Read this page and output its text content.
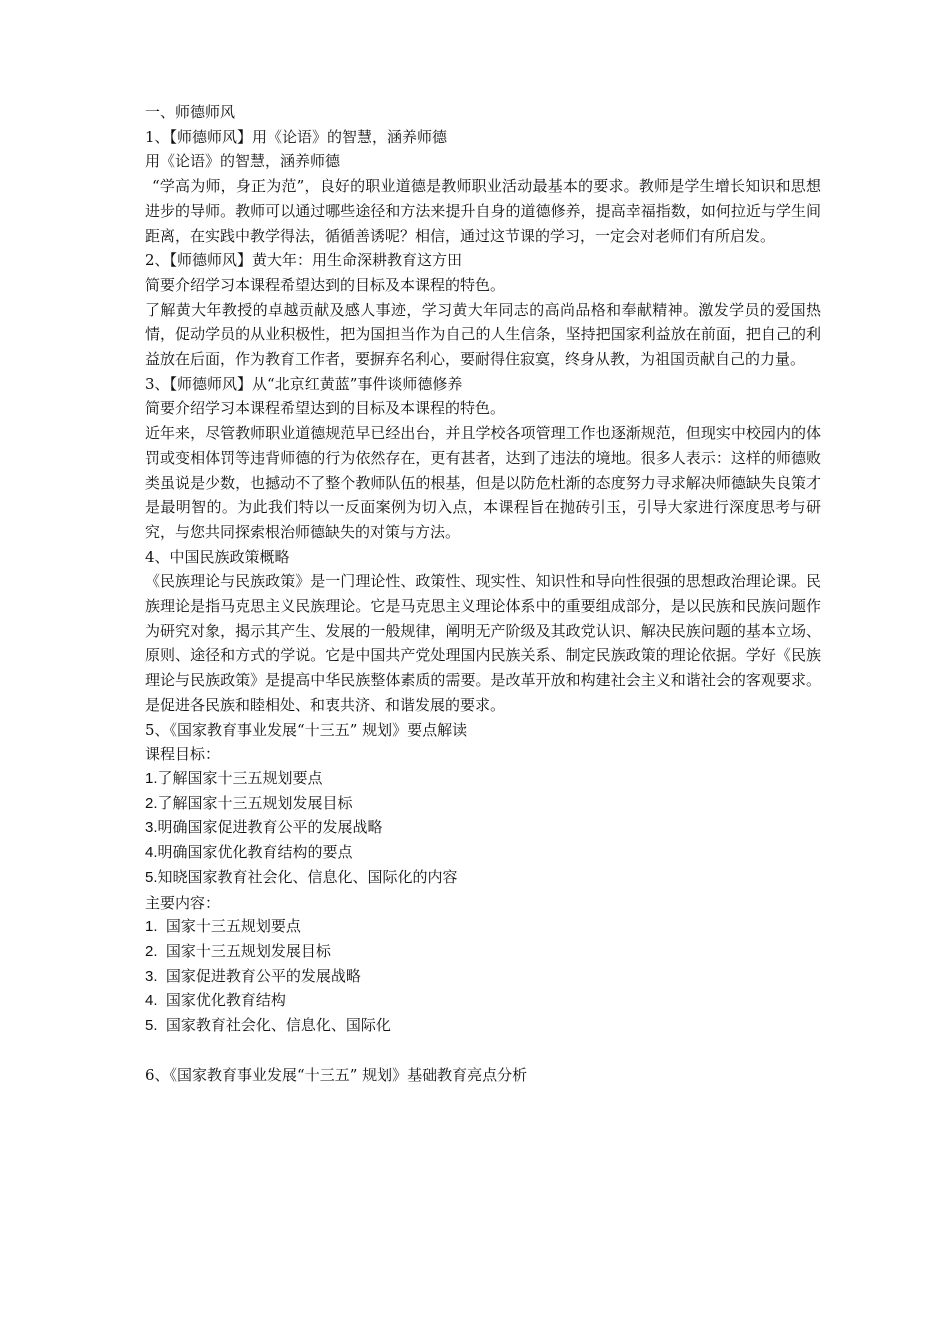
一、师德师风
1、【师德师风】用《论语》的智慧，涵养师德
用《论语》的智慧，涵养师德
“学高为师，身正为范”，良好的职业道德是教师职业活动最基本的要求。教师是学生增长知识和思想进步的导师。教师可以通过哪些途径和方法来提升自身的道德修养，提高幸福指数，如何拉近与学生间距离，在实践中教学得法，循循善诱呢？相信，通过这节课的学习，一定会对老师们有所启发。
2、【师德师风】黄大年：用生命深耕教育这方田
简要介绍学习本课程希望达到的目标及本课程的特色。
了解黄大年教授的卓越贡献及感人事迹，学习黄大年同志的高尚品格和奉献精神。激发学员的爱国热情，促动学员的从业积极性，把为国担当作为自己的人生信条，坚持把国家利益放在前面，把自己的利益放在后面，作为教育工作者，要摒弃名利心，要耐得住寂寞，终身从教，为祖国贡献自己的力量。
3、【师德师风】从“北京红黄蓝”事件谈师德修养
简要介绍学习本课程希望达到的目标及本课程的特色。
近年来，尽管教师职业道德规范早已经出台，并且学校各项管理工作也逐渐规范，但现实中校园内的体罚或变相体罚等违背师德的行为依然存在，更有甚者，达到了违法的境地。很多人表示：这样的师德败类虽说是少数，也撼动不了整个教师队伍的根基，但是以防危杜渐的态度努力寻求解决师德缺失良策才是最明智的。为此我们特以一反面案例为切入点，本课程旨在抛砖引玉，引导大家进行深度思考与研究，与您共同探索根治师德缺失的对策与方法。
4、中国民族政策概略
《民族理论与民族政策》是一门理论性、政策性、现实性、知识性和导向性很强的思想政治理论课。民族理论是指马克思主义民族理论。它是马克思主义理论体系中的重要组成部分，是以民族和民族问题作为研究对象，揭示其产生、发展的一般规律，阐明无产阶级及其政党认识、解决民族问题的基本立场、原则、途径和方式的学说。它是中国共产党处理国内民族关系、制定民族政策的理论依据。学好《民族理论与民族政策》是提高中华民族整体素质的需要。是改革开放和构建社会主义和谐社会的客观要求。是促进各民族和睦相处、和衷共济、和谐发展的要求。
5、《国家教育事业发展“十三五” 规划》要点解读
课程目标：
1.了解国家十三五规划要点
2.了解国家十三五规划发展目标
3.明确国家促进教育公平的发展战略
4.明确国家优化教育结构的要点
5.知晓国家教育社会化、信息化、国际化的内容
主要内容：
1.  国家十三五规划要点
2.  国家十三五规划发展目标
3.  国家促进教育公平的发展战略
4.  国家优化教育结构
5.  国家教育社会化、信息化、国际化
6、《国家教育事业发展“十三五” 规划》基础教育亮点分析
